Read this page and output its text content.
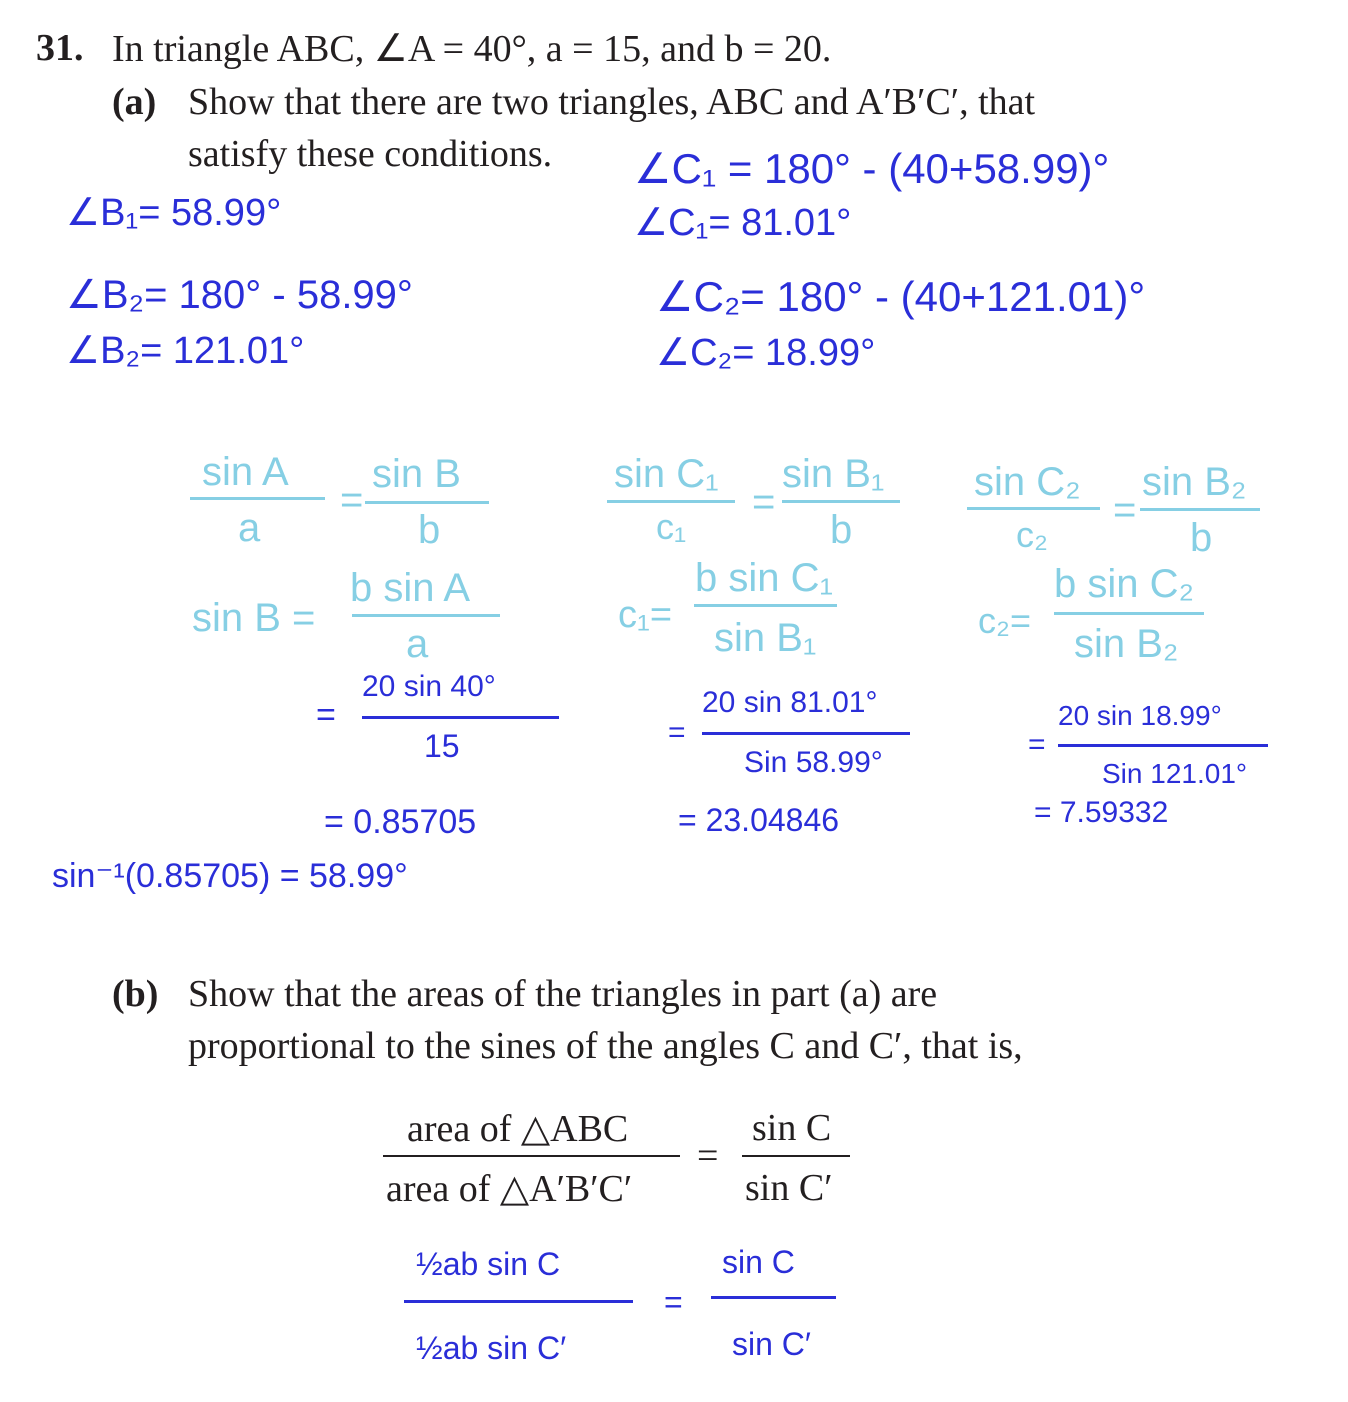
31. In triangle ABC, ∠A = 40°, a = 15, and b = 20.
(a) Show that there are two triangles, ABC and A′B′C′, that
satisfy these conditions.
∠B₁= 58.99°
∠B₂= 180° - 58.99°
∠B₂= 121.01°
∠C₁ = 180° - (40+58.99)°
∠C₁= 81.01°
∠C₂= 180° - (40+121.01)°
∠C₂= 18.99°
sin A
a
=
sin B
b
sin B =
b sin A
a
=
20 sin 40°
15
= 0.85705
sin⁻¹(0.85705) = 58.99°
sin C₁
c₁
=
sin B₁
b
c₁=
b sin C₁
sin B₁
=
20 sin 81.01°
Sin 58.99°
= 23.04846
sin C₂
c₂
=
sin B₂
b
c₂=
b sin C₂
sin B₂
=
20 sin 18.99°
Sin 121.01°
= 7.59332
(b) Show that the areas of the triangles in part (a) are
proportional to the sines of the angles C and C′, that is,
area of △ABC
area of △A′B′C′
=
sin C
sin C′
½ab sin C
½ab sin C′
=
sin C
sin C′
